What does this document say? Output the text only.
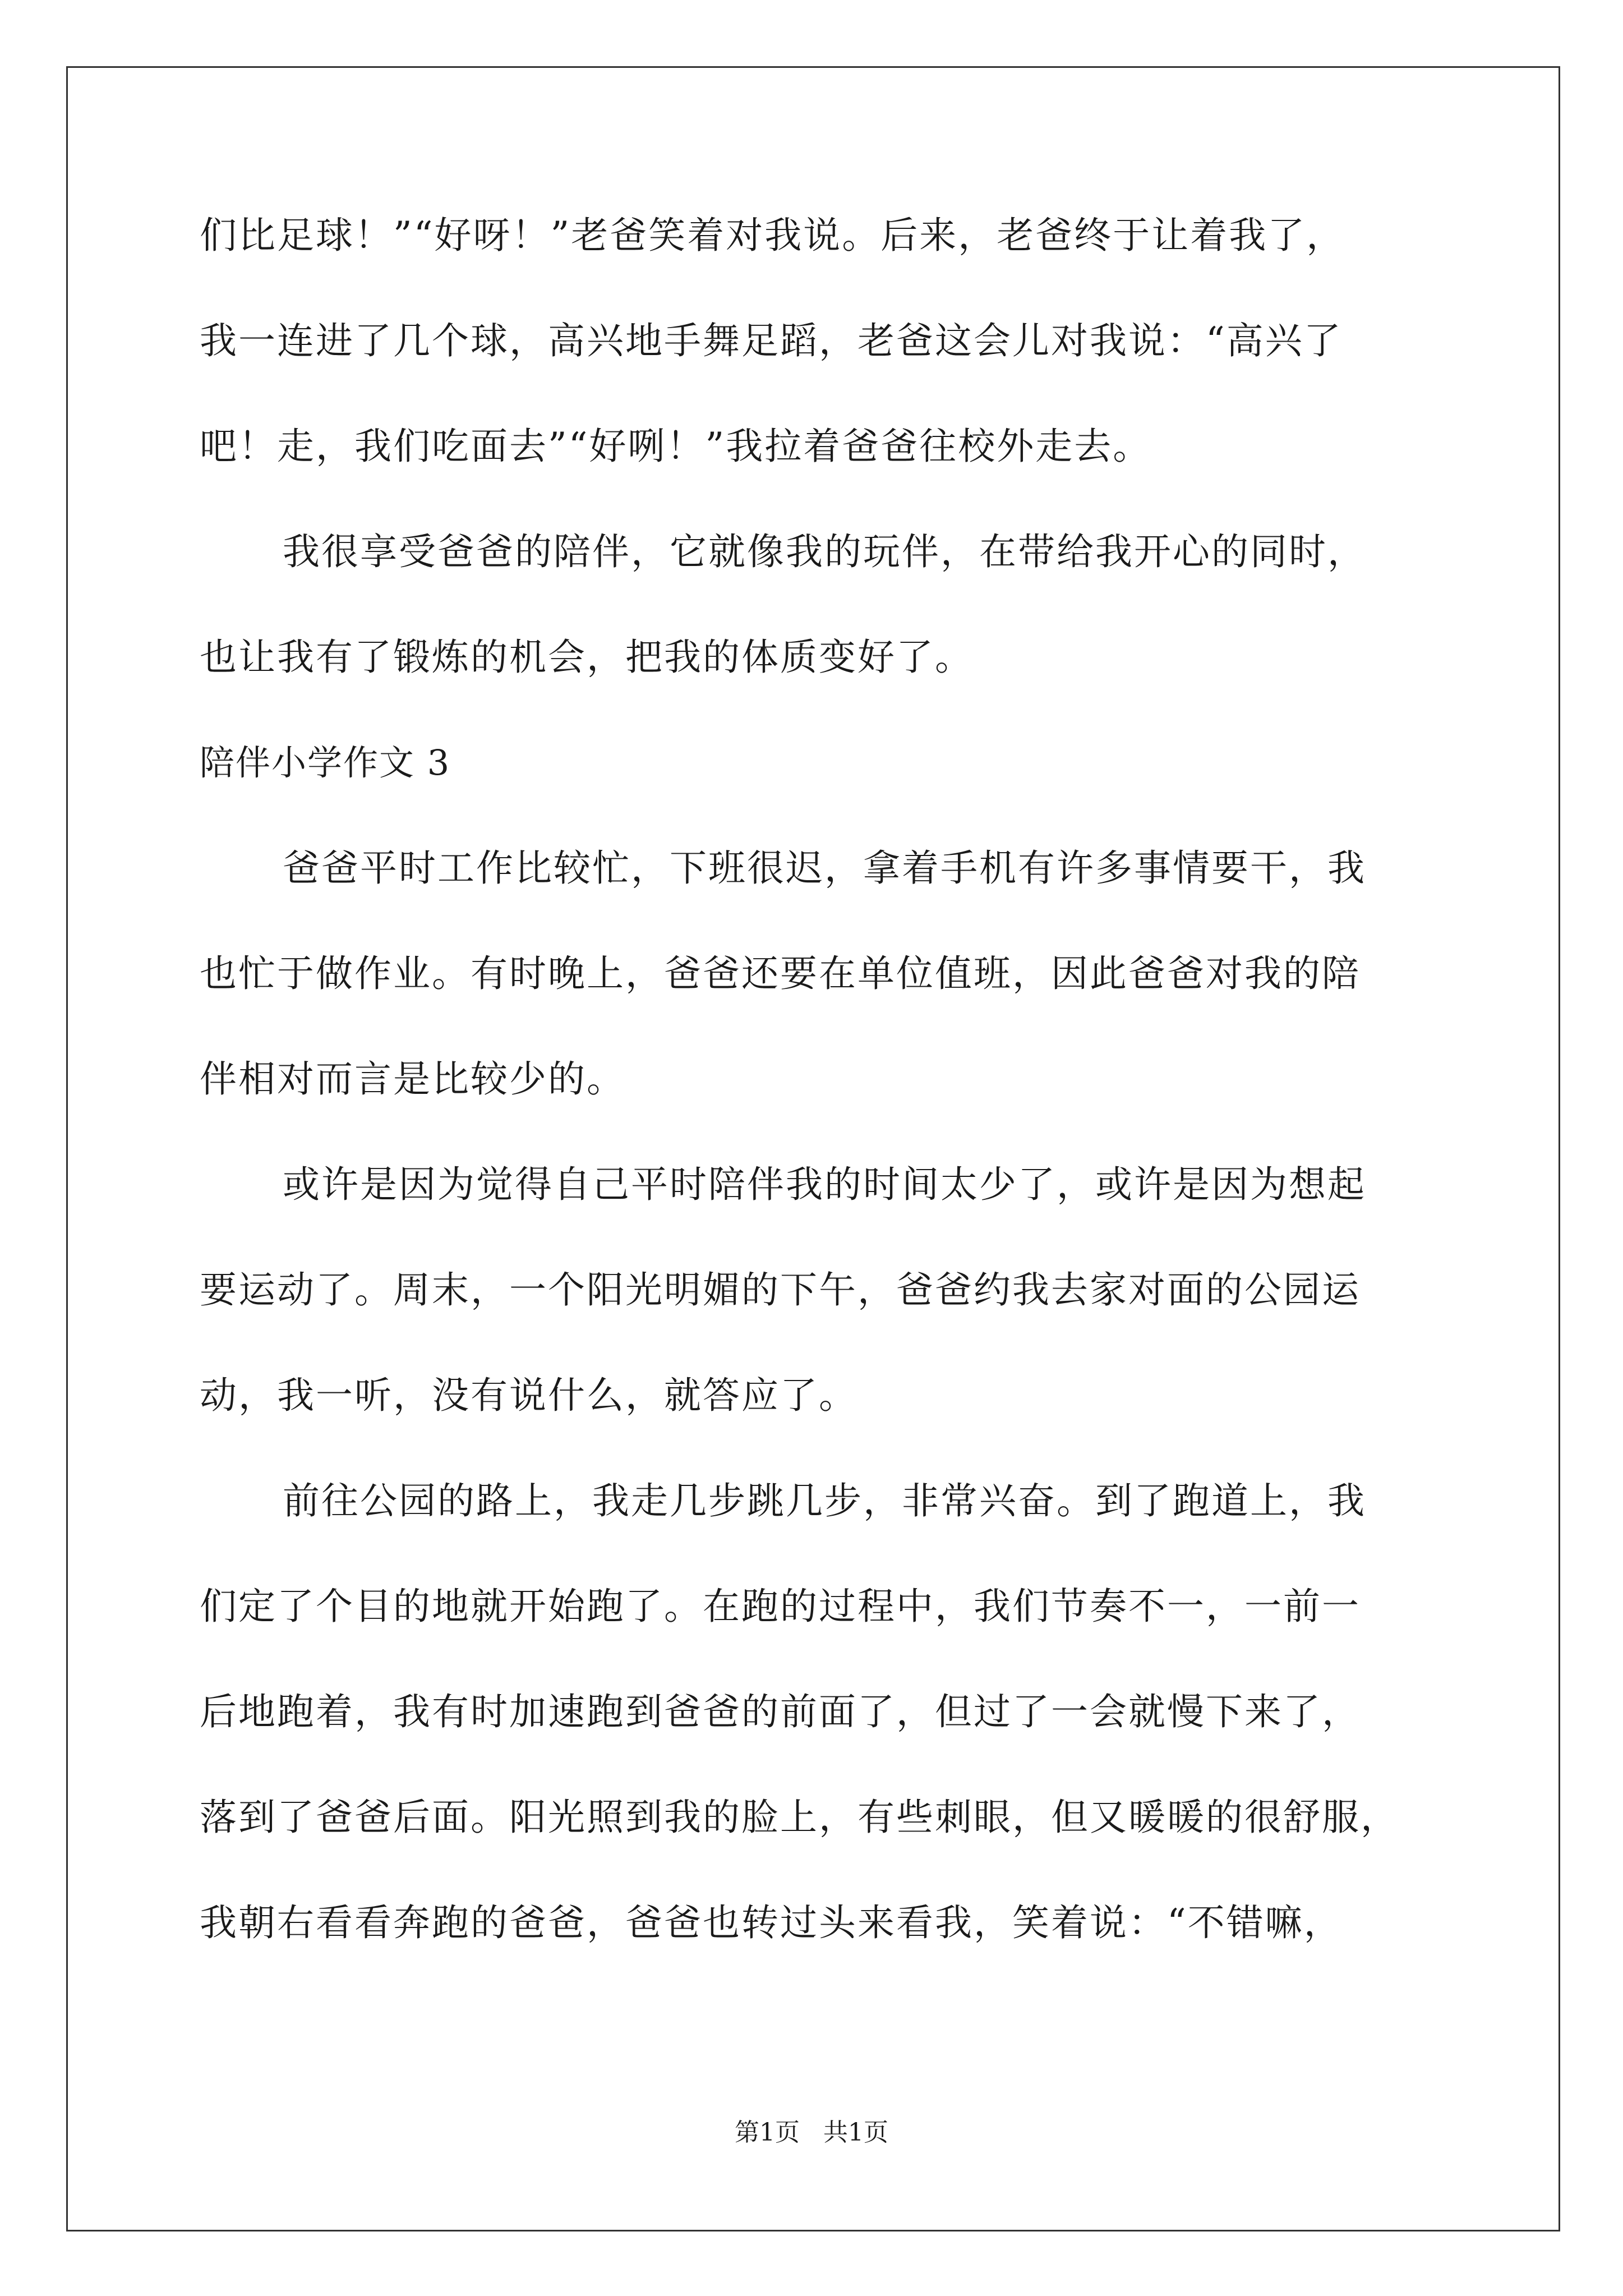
们比足球！”“好呀！”老爸笑着对我说。后来，老爸终于让着我了，
我一连进了几个球，高兴地手舞足蹈，老爸这会儿对我说：“高兴了
吧！走，我们吃面去”“好咧！”我拉着爸爸往校外走去。
我很享受爸爸的陪伴，它就像我的玩伴，在带给我开心的同时，
也让我有了锻炼的机会，把我的体质变好了。
陪伴小学作文 3
爸爸平时工作比较忙，下班很迟，拿着手机有许多事情要干，我
也忙于做作业。有时晚上，爸爸还要在单位值班，因此爸爸对我的陪
伴相对而言是比较少的。
或许是因为觉得自己平时陪伴我的时间太少了，或许是因为想起
要运动了。周末，一个阳光明媚的下午，爸爸约我去家对面的公园运
动，我一听，没有说什么，就答应了。
前往公园的路上，我走几步跳几步，非常兴奋。到了跑道上，我
们定了个目的地就开始跑了。在跑的过程中，我们节奏不一，一前一
后地跑着，我有时加速跑到爸爸的前面了，但过了一会就慢下来了，
落到了爸爸后面。阳光照到我的脸上，有些刺眼，但又暖暖的很舒服，
我朝右看看奔跑的爸爸，爸爸也转过头来看我，笑着说：“不错嘛，
第1页   共1页
